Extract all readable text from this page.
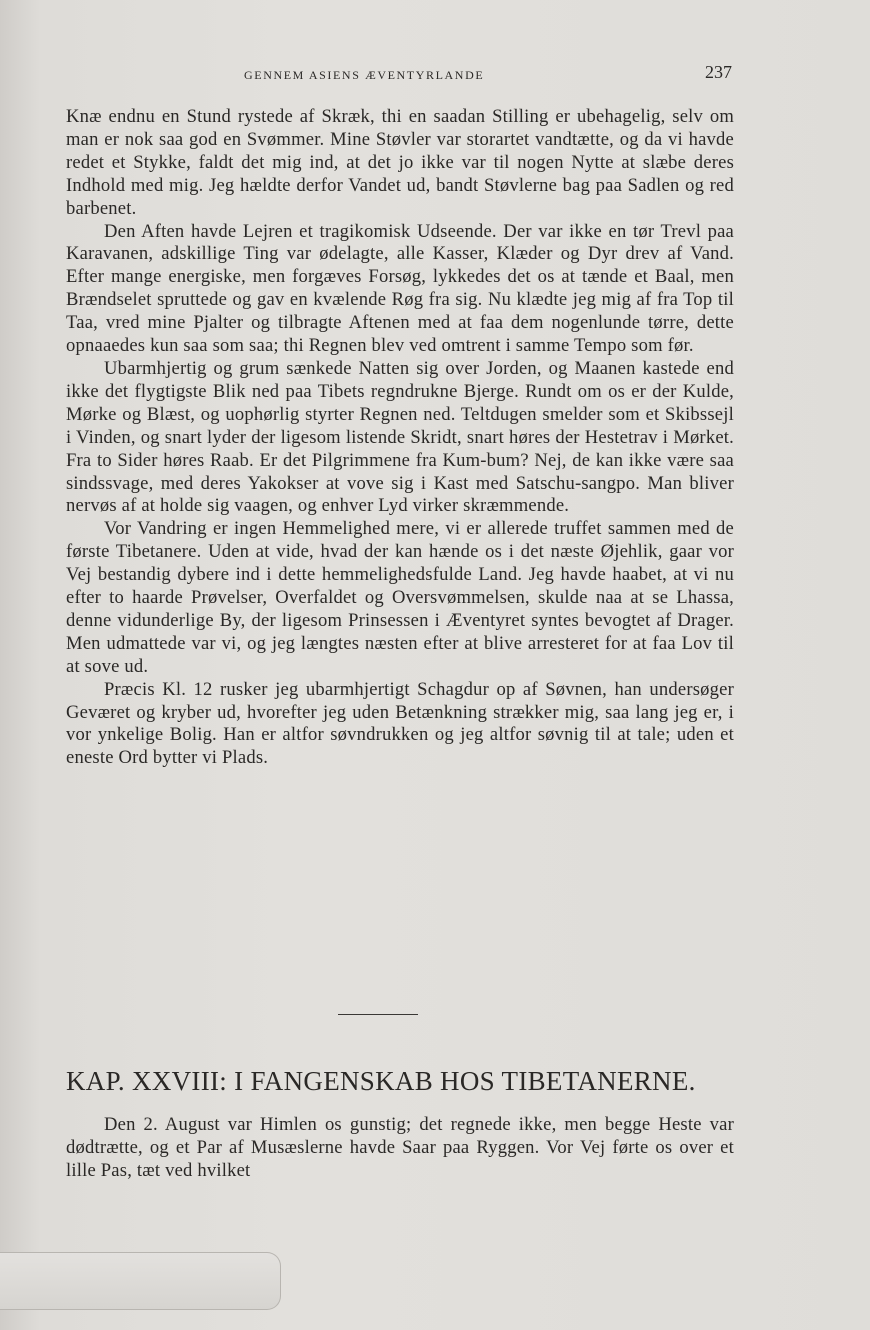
GENNEM ASIENS ÆVENTYRLANDE	237

Knæ endnu en Stund rystede af Skræk, thi en saadan Stilling er ubehagelig, selv om man er nok saa god en Svømmer. Mine Støvler var storartet vandtætte, og da vi havde redet et Stykke, faldt det mig ind, at det jo ikke var til nogen Nytte at slæbe deres Indhold med mig. Jeg hældte derfor Vandet ud, bandt Støvlerne bag paa Sadlen og red barbenet.

Den Aften havde Lejren et tragikomisk Udseende. Der var ikke en tør Trevl paa Karavanen, adskillige Ting var ødelagte, alle Kasser, Klæder og Dyr drev af Vand. Efter mange energiske, men forgæves Forsøg, lykkedes det os at tænde et Baal, men Brændselet spruttede og gav en kvælende Røg fra sig. Nu klædte jeg mig af fra Top til Taa, vred mine Pjalter og tilbragte Aftenen med at faa dem nogenlunde tørre, dette opnaaedes kun saa som saa; thi Regnen blev ved omtrent i samme Tempo som før.

Ubarmhjertig og grum sænkede Natten sig over Jorden, og Maanen kastede end ikke det flygtigste Blik ned paa Tibets regndrukne Bjerge. Rundt om os er der Kulde, Mørke og Blæst, og uophørlig styrter Regnen ned. Teltdugen smelder som et Skibssejl i Vinden, og snart lyder der ligesom listende Skridt, snart høres der Hestetrav i Mørket. Fra to Sider høres Raab. Er det Pilgrimmene fra Kum-bum? Nej, de kan ikke være saa sindssvage, med deres Yakokser at vove sig i Kast med Satschu-sangpo. Man bliver nervøs af at holde sig vaagen, og enhver Lyd virker skræmmende.

Vor Vandring er ingen Hemmelighed mere, vi er allerede truffet sammen med de første Tibetanere. Uden at vide, hvad der kan hænde os i det næste Øjehlik, gaar vor Vej bestandig dybere ind i dette hemmelighedsfulde Land. Jeg havde haabet, at vi nu efter to haarde Prøvelser, Overfaldet og Oversvømmelsen, skulde naa at se Lhassa, denne vidunderlige By, der ligesom Prinsessen i Æventyret syntes bevogtet af Drager. Men udmattede var vi, og jeg længtes næsten efter at blive arresteret for at faa Lov til at sove ud.

Præcis Kl. 12 rusker jeg ubarmhjertigt Schagdur op af Søvnen, han undersøger Geværet og kryber ud, hvorefter jeg uden Betænkning strækker mig, saa lang jeg er, i vor ynkelige Bolig. Han er altfor søvndrukken og jeg altfor søvnig til at tale; uden et eneste Ord bytter vi Plads.

KAP. XXVIII: I FANGENSKAB HOS TIBETANERNE.

Den 2. August var Himlen os gunstig; det regnede ikke, men begge Heste var dødtrætte, og et Par af Musæslerne havde Saar paa Ryggen. Vor Vej førte os over et lille Pas, tæt ved hvilket
